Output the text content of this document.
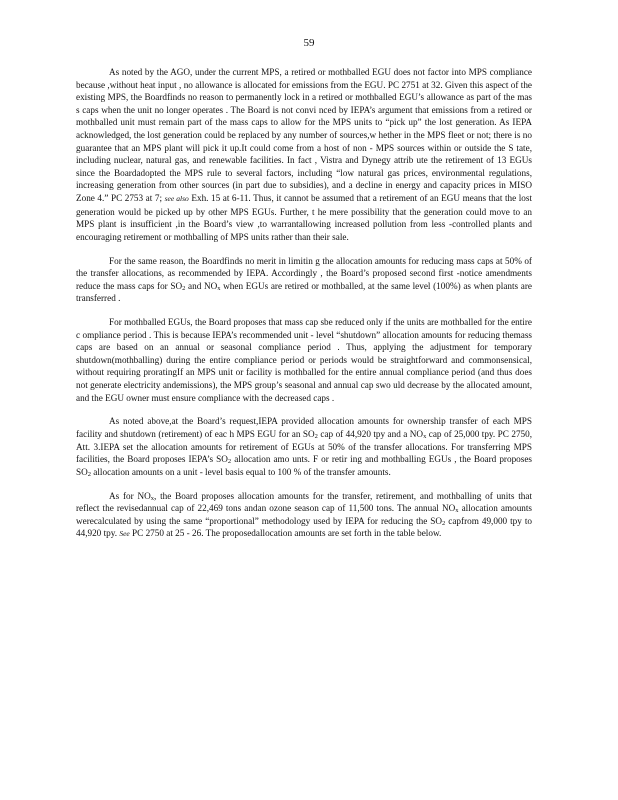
59

As noted by the AGO, under the current MPS, a retired or mothballed EGU does not factor into MPS compliance because ,without heat input , no allowance is allocated for emissions from the EGU. PC 2751 at 32. Given this aspect of the existing MPS, the Boardfinds no reason to permanently lock in a retired or mothballed EGU’s allowance as part of the mas s caps when the unit no longer operates . The Board is not convi nced by IEPA’s argument that emissions from a retired or mothballed unit must remain part of the mass caps to allow for the MPS units to “pick up” the lost generation. As IEPA acknowledged, the lost generation could be replaced by any number of sources,w hether in the MPS fleet or not; there is no guarantee that an MPS plant will pick it up.It could come from a host of non - MPS sources within or outside the S tate, including nuclear, natural gas, and renewable facilities. In fact , Vistra and Dynegy attrib ute the retirement of 13 EGUs since the Boardadopted the MPS rule to several factors, including “low natural gas prices, environmental regulations, increasing generation from other sources (in part due to subsidies), and a decline in energy and capacity prices in MISO Zone 4.” PC 2753 at 7; see also Exh. 15 at 6-11. Thus, it cannot be assumed that a retirement of an EGU means that the lost generation would be picked up by other MPS EGUs. Further, t he mere possibility that the generation could move to an MPS plant is insufficient ,in the Board’s view ,to warrantallowing increased pollution from less -controlled plants and encouraging retirement or mothballing of MPS units rather than their sale.

For the same reason, the Boardfinds no merit in limitin g the allocation amounts for reducing mass caps at 50% of the transfer allocations, as recommended by IEPA. Accordingly , the Board’s proposed second first -notice amendments reduce the mass caps for $SO_2$ and NOx when EGUs are retired or mothballed, at the same level (100%) as when plants are transferred .

For mothballed EGUs, the Board proposes that mass cap sbe reduced only if the units are mothballed for the entire c ompliance period . This is because IEPA’s recommended unit - level “shutdown” allocation amounts for reducing themass caps are based on an annual or seasonal compliance period . Thus, applying the adjustment for temporary shutdown(mothballing) during the entire compliance period or periods would be straightforward and commonsensical, without requiring proratingIf an MPS unit or facility is mothballed for the entire annual compliance period (and thus does not generate electricity andemissions), the MPS group’s seasonal and annual cap swo uld decrease by the allocated amount, and the EGU owner must ensure compliance with the decreased caps .

As noted above,at the Board’s request,IEPA provided allocation amounts for ownership transfer of each MPS facility and shutdown (retirement) of eac h MPS EGU for an $SO_2$ cap of 44,920 tpy and a $NO_x$ cap of 25,000 tpy. PC 2750, Att. 3.IEPA set the allocation amounts for retirement of EGUs at 50% of the transfer allocations. For transferring MPS facilities, the Board proposes IEPA’s $SO_2$ allocation amo unts. F or retir ing and mothballing EGUs , the Board proposes $SO_2$ allocation amounts on a unit - level basis equal to 100 % of the transfer amounts.

As for $NO_x$, the Board proposes allocation amounts for the transfer, retirement, and mothballing of units that reflect the revisedannual cap of 22,469 tons andan ozone season cap of 11,500 tons. The annual $NO_x$ allocation amounts werecalculated by using the same “proportional” methodology used by IEPA for reducing the $SO_2$ capfrom 49,000 tpy to 44,920 tpy. See PC 2750 at 25 - 26. The proposedallocation amounts are set forth in the table below.
